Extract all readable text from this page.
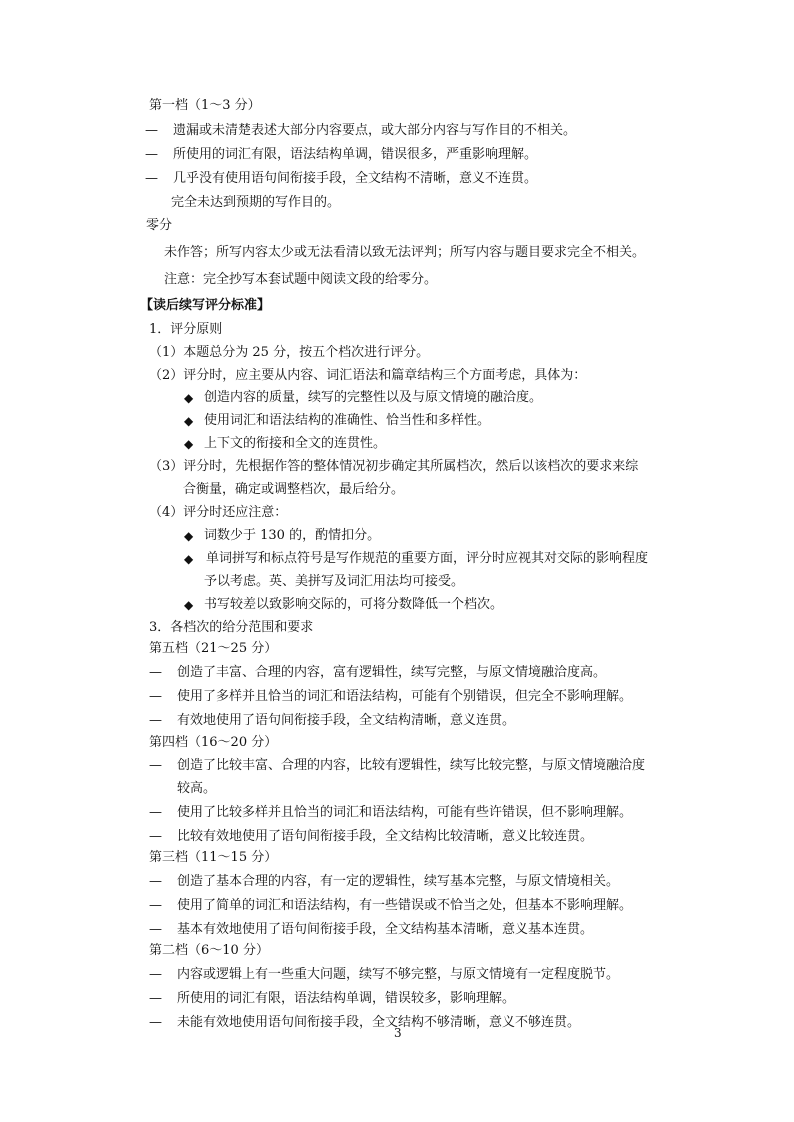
第一档（1～3 分）
— 遗漏或未清楚表述大部分内容要点，或大部分内容与写作目的不相关。
— 所使用的词汇有限，语法结构单调，错误很多，严重影响理解。
— 几乎没有使用语句间衔接手段，全文结构不清晰，意义不连贯。
完全未达到预期的写作目的。
零分
未作答；所写内容太少或无法看清以致无法评判；所写内容与题目要求完全不相关。
注意：完全抄写本套试题中阅读文段的给零分。
【读后续写评分标准】
1．评分原则
（1）本题总分为 25 分，按五个档次进行评分。
（2）评分时，应主要从内容、词汇语法和篇章结构三个方面考虑，具体为：
◆ 创造内容的质量，续写的完整性以及与原文情境的融洽度。
◆ 使用词汇和语法结构的准确性、恰当性和多样性。
◆ 上下文的衔接和全文的连贯性。
（3）评分时，先根据作答的整体情况初步确定其所属档次，然后以该档次的要求来综
合衡量，确定或调整档次，最后给分。
（4）评分时还应注意：
◆ 词数少于 130 的，酌情扣分。
◆ 单词拼写和标点符号是写作规范的重要方面，评分时应视其对交际的影响程度
予以考虑。英、美拼写及词汇用法均可接受。
◆ 书写较差以致影响交际的，可将分数降低一个档次。
3．各档次的给分范围和要求
第五档（21～25 分）
— 创造了丰富、合理的内容，富有逻辑性，续写完整，与原文情境融洽度高。
— 使用了多样并且恰当的词汇和语法结构，可能有个别错误，但完全不影响理解。
— 有效地使用了语句间衔接手段，全文结构清晰，意义连贯。
第四档（16～20 分）
— 创造了比较丰富、合理的内容，比较有逻辑性，续写比较完整，与原文情境融洽度
较高。
— 使用了比较多样并且恰当的词汇和语法结构，可能有些许错误，但不影响理解。
— 比较有效地使用了语句间衔接手段，全文结构比较清晰，意义比较连贯。
第三档（11～15 分）
— 创造了基本合理的内容，有一定的逻辑性，续写基本完整，与原文情境相关。
— 使用了简单的词汇和语法结构，有一些错误或不恰当之处，但基本不影响理解。
— 基本有效地使用了语句间衔接手段，全文结构基本清晰，意义基本连贯。
第二档（6～10 分）
— 内容或逻辑上有一些重大问题，续写不够完整，与原文情境有一定程度脱节。
— 所使用的词汇有限，语法结构单调，错误较多，影响理解。
— 未能有效地使用语句间衔接手段，全文结构不够清晰，意义不够连贯。
3
